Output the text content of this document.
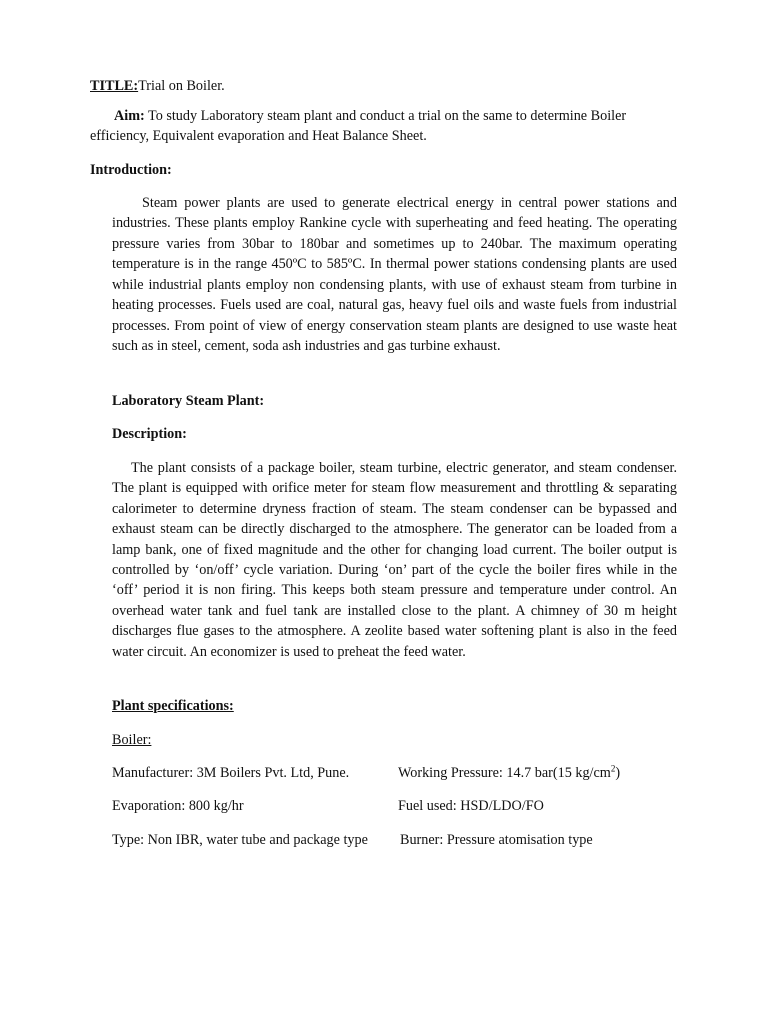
TITLE:Trial on Boiler.
Aim: To study Laboratory steam plant and conduct a trial on the same to determine Boiler
efficiency, Equivalent evaporation and Heat Balance Sheet.
Introduction:

Steam power plants are used to generate electrical energy in central power stations and industries. These plants employ Rankine cycle with superheating and feed heating. The operating pressure varies from 30bar to 180bar and sometimes up to 240bar. The maximum operating temperature is in the range 450ºC to 585ºC. In thermal power stations condensing plants are used while industrial plants employ non condensing plants, with use of exhaust steam from turbine in heating processes. Fuels used are coal, natural gas, heavy fuel oils and waste fuels from industrial processes. From point of view of energy conservation steam plants are designed to use waste heat such as in steel, cement, soda ash industries and gas turbine exhaust.

Laboratory Steam Plant:
Description:

The plant consists of a package boiler, steam turbine, electric generator, and steam condenser. The plant is equipped with orifice meter for steam flow measurement and throttling & separating calorimeter to determine dryness fraction of steam. The steam condenser can be bypassed and exhaust steam can be directly discharged to the atmosphere. The generator can be loaded from a lamp bank, one of fixed magnitude and the other for changing load current. The boiler output is controlled by ‘on/off’ cycle variation. During ‘on’ part of the cycle the boiler fires while in the ‘off’ period it is non firing. This keeps both steam pressure and temperature under control. An overhead water tank and fuel tank are installed close to the plant. A chimney of 30 m height discharges flue gases to the atmosphere. A zeolite based water softening plant is also in the feed water circuit. An economizer is used to preheat the feed water.

Plant specifications:
Boiler:
Manufacturer: 3M Boilers Pvt. Ltd, Pune.	Working Pressure: 14.7 bar(15 $kg/cm^2$)
Evaporation: 800 kg/hr	Fuel used: HSD/LDO/FO
Type: Non IBR, water tube and package type Burner: Pressure atomisation type
